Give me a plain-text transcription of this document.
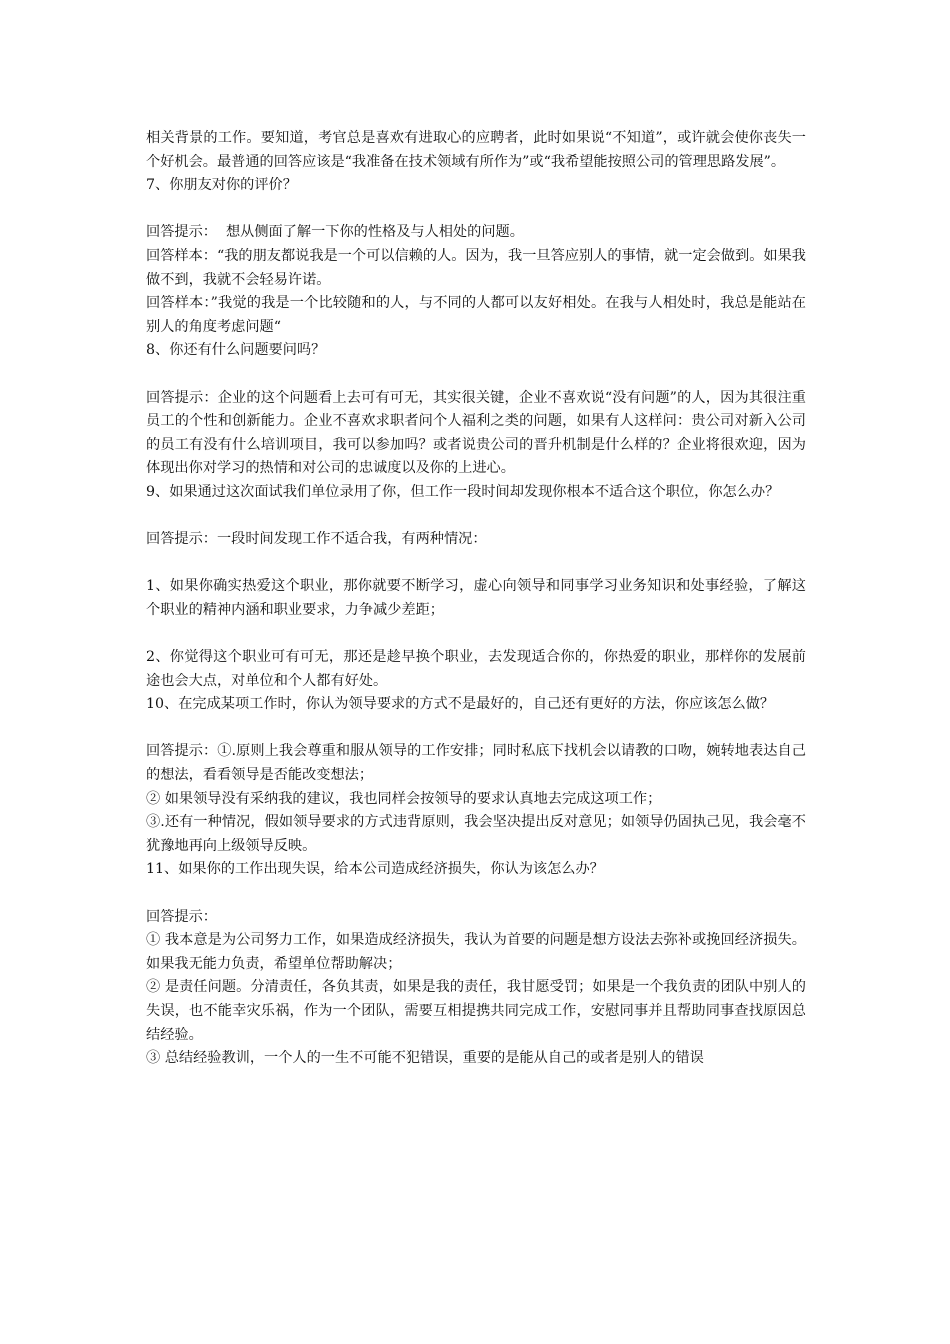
相关背景的工作。要知道，考官总是喜欢有进取心的应聘者，此时如果说“不知道”，或许就会使你丧失一个好机会。最普通的回答应该是“我准备在技术领域有所作为”或“我希望能按照公司的管理思路发展”。

7、你朋友对你的评价？

回答提示：  想从侧面了解一下你的性格及与人相处的问题。

回答样本：“我的朋友都说我是一个可以信赖的人。因为，我一旦答应别人的事情，就一定会做到。如果我做不到，我就不会轻易许诺。

回答样本：”我觉的我是一个比较随和的人，与不同的人都可以友好相处。在我与人相处时，我总是能站在别人的角度考虑问题“

8、你还有什么问题要问吗？

回答提示：企业的这个问题看上去可有可无，其实很关键，企业不喜欢说“没有问题”的人，因为其很注重员工的个性和创新能力。企业不喜欢求职者问个人福利之类的问题，如果有人这样问：贵公司对新入公司的员工有没有什么培训项目，我可以参加吗？或者说贵公司的晋升机制是什么样的？企业将很欢迎，因为体现出你对学习的热情和对公司的忠诚度以及你的上进心。

9、如果通过这次面试我们单位录用了你，但工作一段时间却发现你根本不适合这个职位，你怎么办？

回答提示：一段时间发现工作不适合我，有两种情况：

1、如果你确实热爱这个职业，那你就要不断学习，虚心向领导和同事学习业务知识和处事经验，了解这个职业的精神内涵和职业要求，力争减少差距；

2、你觉得这个职业可有可无，那还是趁早换个职业，去发现适合你的，你热爱的职业，那样你的发展前途也会大点，对单位和个人都有好处。

10、在完成某项工作时，你认为领导要求的方式不是最好的，自己还有更好的方法，你应该怎么做？

回答提示：①.原则上我会尊重和服从领导的工作安排；同时私底下找机会以请教的口吻，婉转地表达自己的想法，看看领导是否能改变想法；

② 如果领导没有采纳我的建议，我也同样会按领导的要求认真地去完成这项工作；

③.还有一种情况，假如领导要求的方式违背原则，我会坚决提出反对意见；如领导仍固执己见，我会毫不犹豫地再向上级领导反映。

11、如果你的工作出现失误，给本公司造成经济损失，你认为该怎么办？

回答提示：

① 我本意是为公司努力工作，如果造成经济损失，我认为首要的问题是想方设法去弥补或挽回经济损失。如果我无能力负责，希望单位帮助解决；

② 是责任问题。分清责任，各负其责，如果是我的责任，我甘愿受罚；如果是一个我负责的团队中别人的失误，也不能幸灾乐祸，作为一个团队，需要互相提携共同完成工作，安慰同事并且帮助同事查找原因总结经验。

③ 总结经验教训，一个人的一生不可能不犯错误，重要的是能从自己的或者是别人的错误
